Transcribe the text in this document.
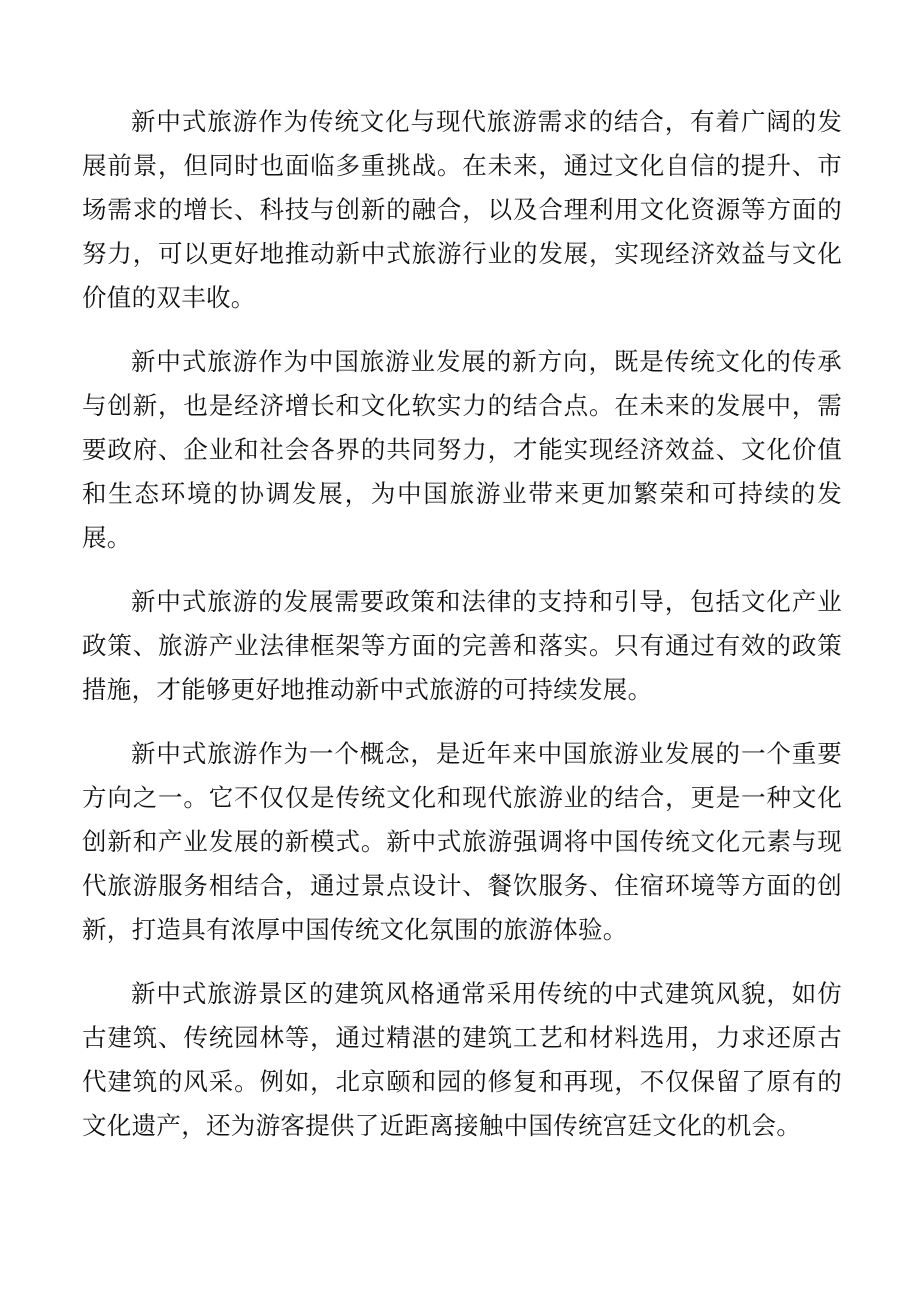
新中式旅游作为传统文化与现代旅游需求的结合，有着广阔的发展前景，但同时也面临多重挑战。在未来，通过文化自信的提升、市场需求的增长、科技与创新的融合，以及合理利用文化资源等方面的努力，可以更好地推动新中式旅游行业的发展，实现经济效益与文化价值的双丰收。

新中式旅游作为中国旅游业发展的新方向，既是传统文化的传承与创新，也是经济增长和文化软实力的结合点。在未来的发展中，需要政府、企业和社会各界的共同努力，才能实现经济效益、文化价值和生态环境的协调发展，为中国旅游业带来更加繁荣和可持续的发展。

新中式旅游的发展需要政策和法律的支持和引导，包括文化产业政策、旅游产业法律框架等方面的完善和落实。只有通过有效的政策措施，才能够更好地推动新中式旅游的可持续发展。

新中式旅游作为一个概念，是近年来中国旅游业发展的一个重要方向之一。它不仅仅是传统文化和现代旅游业的结合，更是一种文化创新和产业发展的新模式。新中式旅游强调将中国传统文化元素与现代旅游服务相结合，通过景点设计、餐饮服务、住宿环境等方面的创新，打造具有浓厚中国传统文化氛围的旅游体验。

新中式旅游景区的建筑风格通常采用传统的中式建筑风貌，如仿古建筑、传统园林等，通过精湛的建筑工艺和材料选用，力求还原古代建筑的风采。例如，北京颐和园的修复和再现，不仅保留了原有的文化遗产，还为游客提供了近距离接触中国传统宫廷文化的机会。
